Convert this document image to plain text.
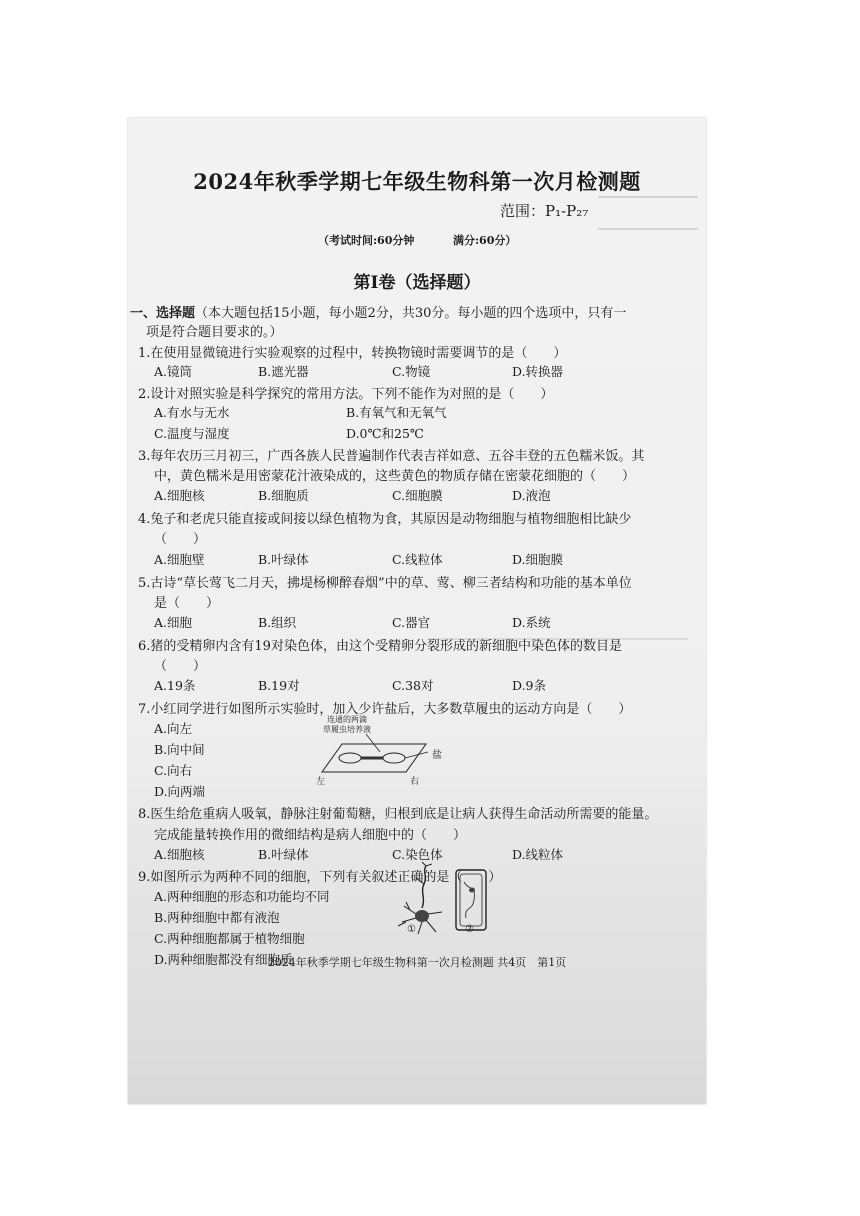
2024年秋季学期七年级生物科第一次月检测题
范围：P₁-P₂₇
（考试时间:60分钟	满分:60分）
第Ⅰ卷（选择题）
一、选择题（本大题包括15小题，每小题2分，共30分。每小题的四个选项中，只有一
项是符合题目要求的。）
1.在使用显微镜进行实验观察的过程中，转换物镜时需要调节的是（　　）
A.镜筒	B.遮光器	C.物镜	D.转换器
2.设计对照实验是科学探究的常用方法。下列不能作为对照的是（　　）
A.有水与无水	B.有氧气和无氧气
C.温度与湿度	D.0℃和25℃
3.每年农历三月初三，广西各族人民普遍制作代表吉祥如意、五谷丰登的五色糯米饭。其
中，黄色糯米是用密蒙花汁液染成的，这些黄色的物质存储在密蒙花细胞的（　　）
A.细胞核	B.细胞质	C.细胞膜	D.液泡
4.兔子和老虎只能直接或间接以绿色植物为食，其原因是动物细胞与植物细胞相比缺少
（　　）
A.细胞壁	B.叶绿体	C.线粒体	D.细胞膜
5.古诗“草长莺飞二月天，拂堤杨柳醉春烟”中的草、莺、柳三者结构和功能的基本单位
是（　　）
A.细胞	B.组织	C.器官	D.系统
6.猪的受精卵内含有19对染色体，由这个受精卵分裂形成的新细胞中染色体的数目是
（　　）
A.19条	B.19对	C.38对	D.9条
7.小红同学进行如图所示实验时，加入少许盐后，大多数草履虫的运动方向是（　　）
A.向左
B.向中间
C.向右
D.向两端
连通的两滴
草履虫培养液
盐
左	右
8.医生给危重病人吸氧，静脉注射葡萄糖，归根到底是让病人获得生命活动所需要的能量。
完成能量转换作用的微细结构是病人细胞中的（　　）
A.细胞核	B.叶绿体	C.染色体	D.线粒体
9.如图所示为两种不同的细胞，下列有关叙述正确的是（　　）
A.两种细胞的形态和功能均不同
B.两种细胞中都有液泡
C.两种细胞都属于植物细胞
D.两种细胞都没有细胞质
①	②
2024年秋季学期七年级生物科第一次月检测题 共4页　第1页
